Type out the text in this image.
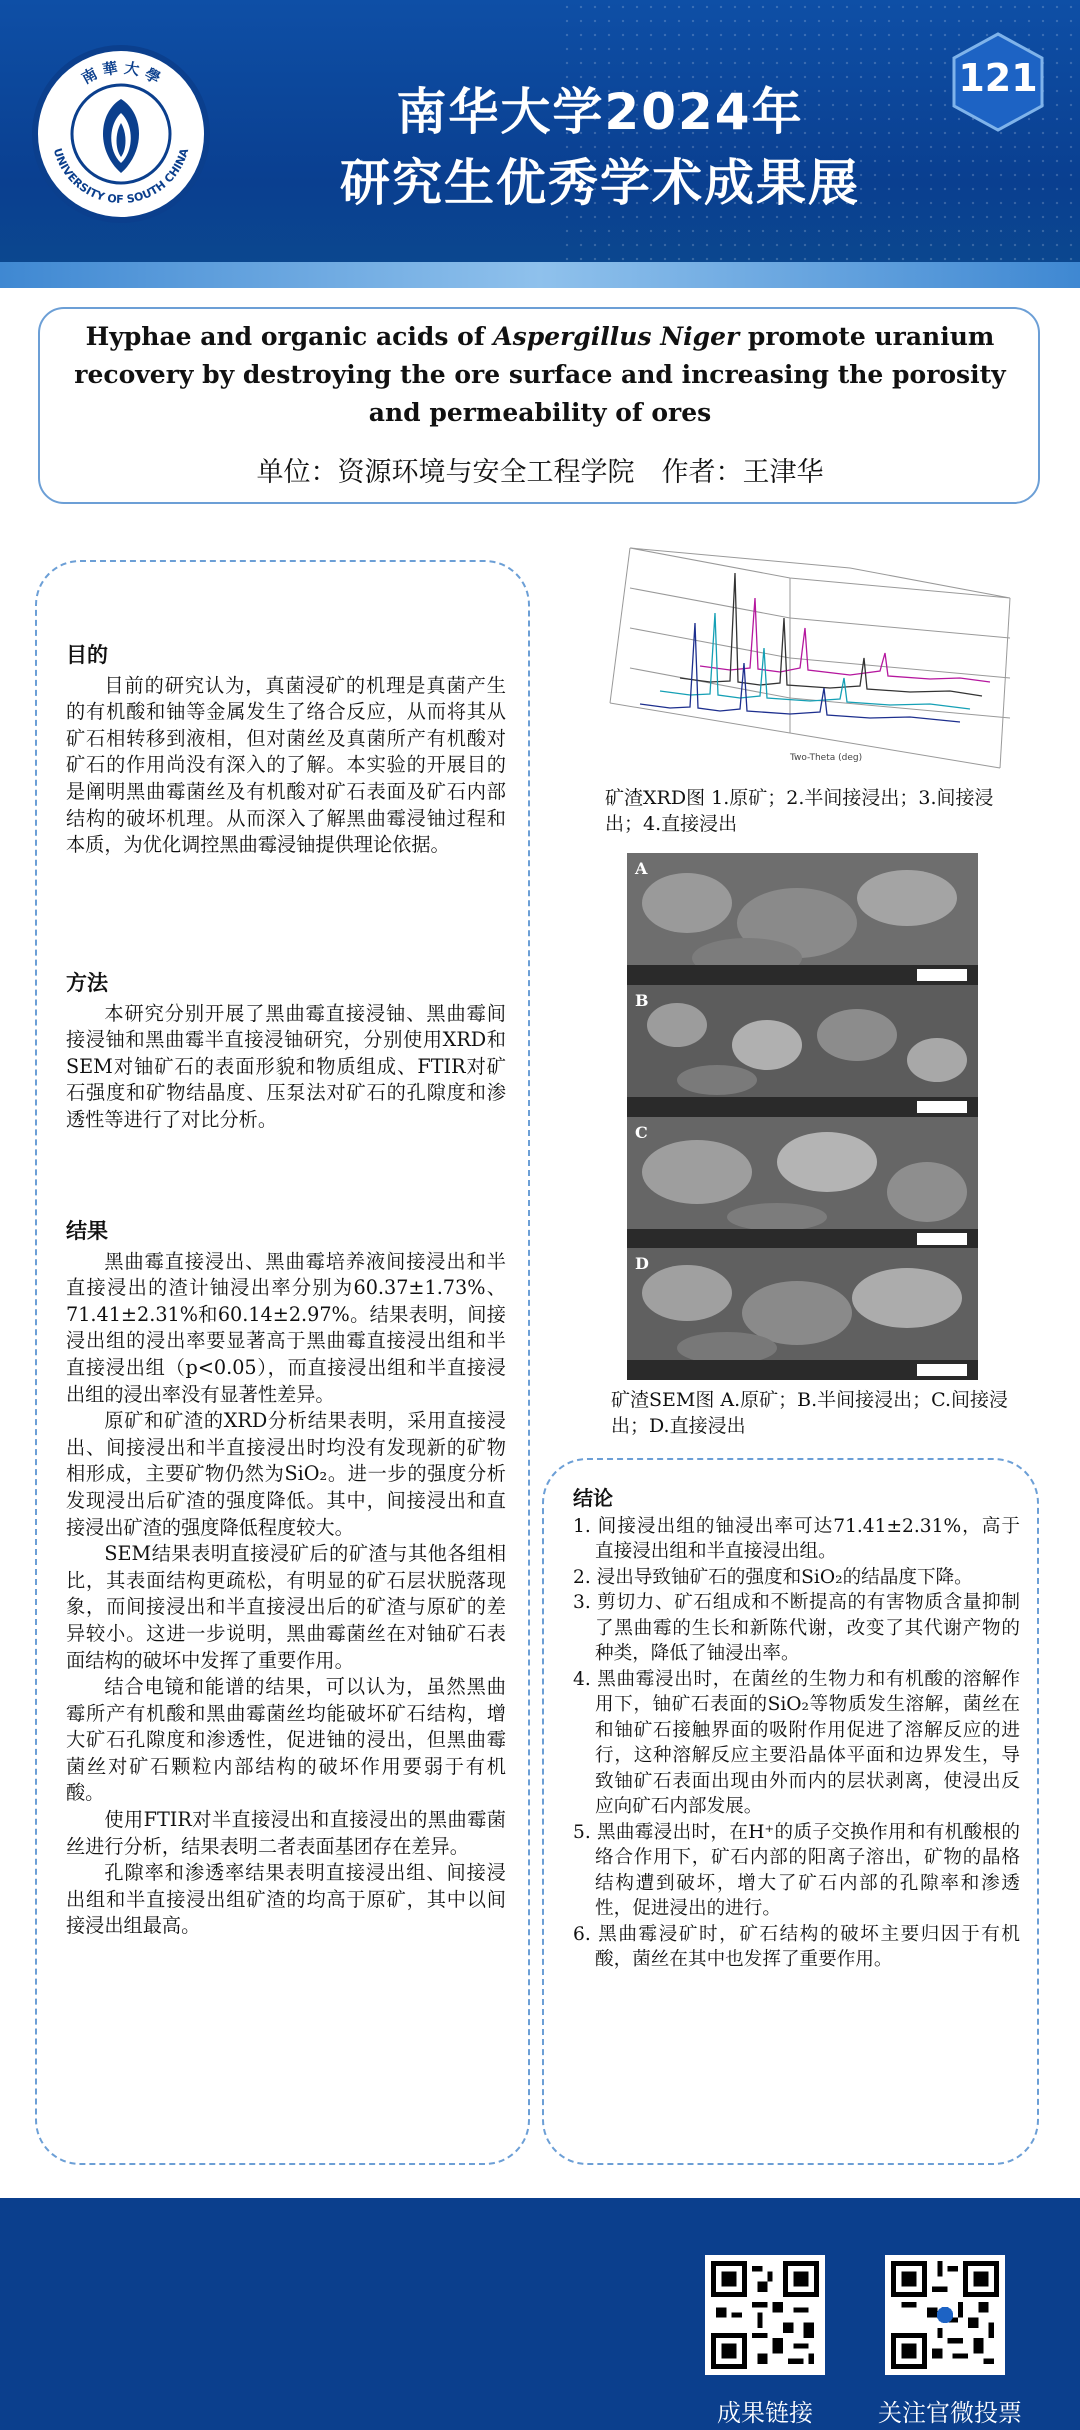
南 華 大 學
UNIVERSITY OF SOUTH CHINA
南华大学2024年
研究生优秀学术成果展
121
Hyphae and organic acids of Aspergillus Niger promote uranium recovery by destroying the ore surface and increasing the porosity and permeability of ores
单位：资源环境与安全工程学院　作者：王津华
目的

目前的研究认为，真菌浸矿的机理是真菌产生的有机酸和铀等金属发生了络合反应，从而将其从矿石相转移到液相，但对菌丝及真菌所产有机酸对矿石的作用尚没有深入的了解。本实验的开展目的是阐明黑曲霉菌丝及有机酸对矿石表面及矿石内部结构的破坏机理。从而深入了解黑曲霉浸铀过程和本质，为优化调控黑曲霉浸铀提供理论依据。

方法

本研究分别开展了黑曲霉直接浸铀、黑曲霉间接浸铀和黑曲霉半直接浸铀研究，分别使用XRD和SEM对铀矿石的表面形貌和物质组成、FTIR对矿石强度和矿物结晶度、压泵法对矿石的孔隙度和渗透性等进行了对比分析。

结果

黑曲霉直接浸出、黑曲霉培养液间接浸出和半直接浸出的渣计铀浸出率分别为60.37±1.73%、71.41±2.31%和60.14±2.97%。结果表明，间接浸出组的浸出率要显著高于黑曲霉直接浸出组和半直接浸出组（p<0.05），而直接浸出组和半直接浸出组的浸出率没有显著性差异。

原矿和矿渣的XRD分析结果表明，采用直接浸出、间接浸出和半直接浸出时均没有发现新的矿物相形成，主要矿物仍然为SiO₂。进一步的强度分析发现浸出后矿渣的强度降低。其中，间接浸出和直接浸出矿渣的强度降低程度较大。

SEM结果表明直接浸矿后的矿渣与其他各组相比，其表面结构更疏松，有明显的矿石层状脱落现象，而间接浸出和半直接浸出后的矿渣与原矿的差异较小。这进一步说明，黑曲霉菌丝在对铀矿石表面结构的破坏中发挥了重要作用。

结合电镜和能谱的结果，可以认为，虽然黑曲霉所产有机酸和黑曲霉菌丝均能破坏矿石结构，增大矿石孔隙度和渗透性，促进铀的浸出，但黑曲霉菌丝对矿石颗粒内部结构的破坏作用要弱于有机酸。

使用FTIR对半直接浸出和直接浸出的黑曲霉菌丝进行分析，结果表明二者表面基团存在差异。

孔隙率和渗透率结果表明直接浸出组、间接浸出组和半直接浸出组矿渣的均高于原矿，其中以间接浸出组最高。

Two-Theta (deg)
矿渣XRD图 1.原矿；2.半间接浸出；3.间接浸出；4.直接浸出
A
B
C
D
矿渣SEM图 A.原矿；B.半间接浸出；C.间接浸出；D.直接浸出
结论
1. 间接浸出组的铀浸出率可达71.41±2.31%，高于直接浸出组和半直接浸出组。
2. 浸出导致铀矿石的强度和SiO₂的结晶度下降。
3. 剪切力、矿石组成和不断提高的有害物质含量抑制了黑曲霉的生长和新陈代谢，改变了其代谢产物的种类，降低了铀浸出率。
4. 黑曲霉浸出时，在菌丝的生物力和有机酸的溶解作用下，铀矿石表面的SiO₂等物质发生溶解，菌丝在和铀矿石接触界面的吸附作用促进了溶解反应的进行，这种溶解反应主要沿晶体平面和边界发生，导致铀矿石表面出现由外而内的层状剥离，使浸出反应向矿石内部发展。
5. 黑曲霉浸出时，在H⁺的质子交换作用和有机酸根的络合作用下，矿石内部的阳离子溶出，矿物的晶格结构遭到破坏，增大了矿石内部的孔隙率和渗透性，促进浸出的进行。
6. 黑曲霉浸矿时，矿石结构的破坏主要归因于有机酸，菌丝在其中也发挥了重要作用。
成果链接	关注官微投票
